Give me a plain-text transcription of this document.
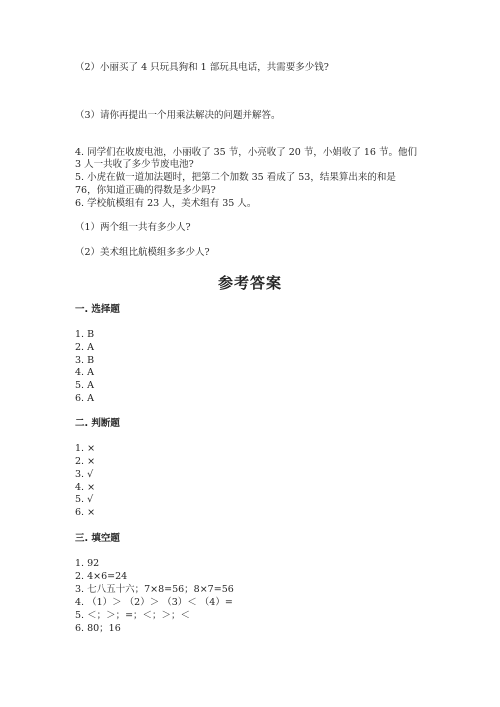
（2）小丽买了 4 只玩具狗和 1 部玩具电话，共需要多少钱?
（3）请你再提出一个用乘法解决的问题并解答。
4. 同学们在收废电池，小丽收了 35 节，小亮收了 20 节，小娟收了 16 节。他们
3 人一共收了多少节废电池?
5. 小虎在做一道加法题时，把第二个加数 35 看成了 53，结果算出来的和是
76，你知道正确的得数是多少吗?
6. 学校航模组有 23 人，美术组有 35 人。
（1）两个组一共有多少人?
（2）美术组比航模组多多少人?
参考答案
一. 选择题
1. B
2. A
3. B
4. A
5. A
6. A
二. 判断题
1. ×
2. ×
3. √
4. ×
5. √
6. ×
三. 填空题
1. 92
2. 4×6=24
3. 七八五十六；7×8=56；8×7=56
4. （1）＞ （2）＞ （3）＜ （4）=
5. ＜；＞；=；＜；＞；＜
6. 80；16
